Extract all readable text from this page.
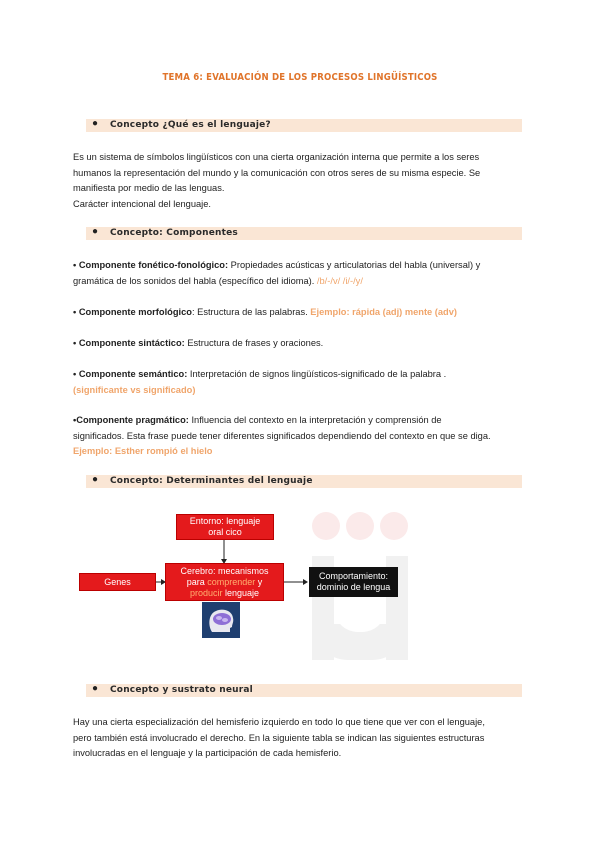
TEMA 6: EVALUACIÓN DE LOS PROCESOS LINGÜÍSTICOS
● Concepto ¿Qué es el lenguaje?
Es un sistema de símbolos lingüísticos con una cierta organización interna que permite a los seres
humanos la representación del mundo y la comunicación con otros seres de su misma especie. Se
manifiesta por medio de las lenguas.
Carácter intencional del lenguaje.
● Concepto: Componentes
• Componente fonético-fonológico: Propiedades acústicas y articulatorias del habla (universal) y
gramática de los sonidos del habla (específico del idioma). /b/-/v/ /i/-/y/
• Componente morfológico: Estructura de las palabras. Ejemplo: rápida (adj) mente (adv)
• Componente sintáctico: Estructura de frases y oraciones.
• Componente semántico: Interpretación de signos lingüísticos-significado de la palabra .
(significante vs significado)
•Componente pragmático: Influencia del contexto en la interpretación y comprensión de
significados. Esta frase puede tener diferentes significados dependiendo del contexto en que se diga.
Ejemplo: Esther rompió el hielo
● Concepto: Determinantes del lenguaje
Entorno: lenguaje
oral cico
Genes
Cerebro: mecanismos
para comprender y
producir lenguaje
Comportamiento:
dominio de lengua
● Concepto y sustrato neural
Hay una cierta especialización del hemisferio izquierdo en todo lo que tiene que ver con el lenguaje,
pero también está involucrado el derecho. En la siguiente tabla se indican las siguientes estructuras
involucradas en el lenguaje y la participación de cada hemisferio.
